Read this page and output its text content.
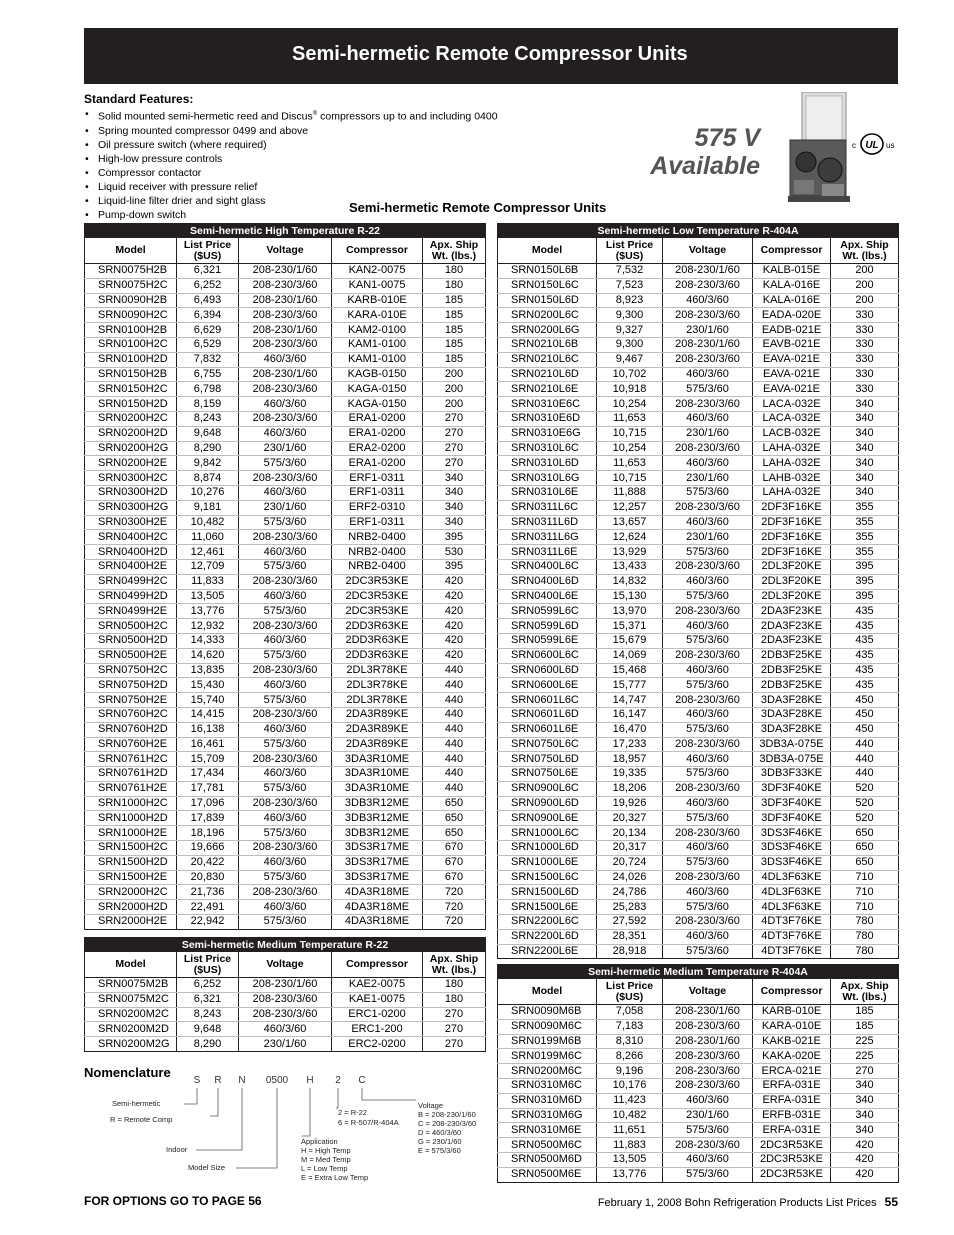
Semi-hermetic Remote Compressor Units
Standard Features:
• Solid mounted semi-hermetic reed and Discus® compressors up to and including 0400
• Spring mounted compressor 0499 and above
• Oil pressure switch (where required)
• High-low pressure controls
• Compressor contactor
• Liquid receiver with pressure relief
• Liquid-line filter drier and sight glass
• Pump-down switch
575 V
Available
c UL us
Semi-hermetic Remote Compressor Units
Semi-hermetic High Temperature R-22
Model	List Price ($US)	Voltage	Compressor	Apx. Ship Wt. (lbs.)
SRN0075H2B	6,321	208-230/1/60	KAN2-0075	180
SRN0075H2C	6,252	208-230/3/60	KAN1-0075	180
SRN0090H2B	6,493	208-230/1/60	KARB-010E	185
SRN0090H2C	6,394	208-230/3/60	KARA-010E	185
SRN0100H2B	6,629	208-230/1/60	KAM2-0100	185
SRN0100H2C	6,529	208-230/3/60	KAM1-0100	185
SRN0100H2D	7,832	460/3/60	KAM1-0100	185
SRN0150H2B	6,755	208-230/1/60	KAGB-0150	200
SRN0150H2C	6,798	208-230/3/60	KAGA-0150	200
SRN0150H2D	8,159	460/3/60	KAGA-0150	200
SRN0200H2C	8,243	208-230/3/60	ERA1-0200	270
SRN0200H2D	9,648	460/3/60	ERA1-0200	270
SRN0200H2G	8,290	230/1/60	ERA2-0200	270
SRN0200H2E	9,842	575/3/60	ERA1-0200	270
SRN0300H2C	8,874	208-230/3/60	ERF1-0311	340
SRN0300H2D	10,276	460/3/60	ERF1-0311	340
SRN0300H2G	9,181	230/1/60	ERF2-0310	340
SRN0300H2E	10,482	575/3/60	ERF1-0311	340
SRN0400H2C	11,060	208-230/3/60	NRB2-0400	395
SRN0400H2D	12,461	460/3/60	NRB2-0400	530
SRN0400H2E	12,709	575/3/60	NRB2-0400	395
SRN0499H2C	11,833	208-230/3/60	2DC3R53KE	420
SRN0499H2D	13,505	460/3/60	2DC3R53KE	420
SRN0499H2E	13,776	575/3/60	2DC3R53KE	420
SRN0500H2C	12,932	208-230/3/60	2DD3R63KE	420
SRN0500H2D	14,333	460/3/60	2DD3R63KE	420
SRN0500H2E	14,620	575/3/60	2DD3R63KE	420
SRN0750H2C	13,835	208-230/3/60	2DL3R78KE	440
SRN0750H2D	15,430	460/3/60	2DL3R78KE	440
SRN0750H2E	15,740	575/3/60	2DL3R78KE	440
SRN0760H2C	14,415	208-230/3/60	2DA3R89KE	440
SRN0760H2D	16,138	460/3/60	2DA3R89KE	440
SRN0760H2E	16,461	575/3/60	2DA3R89KE	440
SRN0761H2C	15,709	208-230/3/60	3DA3R10ME	440
SRN0761H2D	17,434	460/3/60	3DA3R10ME	440
SRN0761H2E	17,781	575/3/60	3DA3R10ME	440
SRN1000H2C	17,096	208-230/3/60	3DB3R12ME	650
SRN1000H2D	17,839	460/3/60	3DB3R12ME	650
SRN1000H2E	18,196	575/3/60	3DB3R12ME	650
SRN1500H2C	19,666	208-230/3/60	3DS3R17ME	670
SRN1500H2D	20,422	460/3/60	3DS3R17ME	670
SRN1500H2E	20,830	575/3/60	3DS3R17ME	670
SRN2000H2C	21,736	208-230/3/60	4DA3R18ME	720
SRN2000H2D	22,491	460/3/60	4DA3R18ME	720
SRN2000H2E	22,942	575/3/60	4DA3R18ME	720
Semi-hermetic Medium Temperature R-22
Model	List Price ($US)	Voltage	Compressor	Apx. Ship Wt. (lbs.)
SRN0075M2B	6,252	208-230/1/60	KAE2-0075	180
SRN0075M2C	6,321	208-230/3/60	KAE1-0075	180
SRN0200M2C	8,243	208-230/3/60	ERC1-0200	270
SRN0200M2D	9,648	460/3/60	ERC1-200	270
SRN0200M2G	8,290	230/1/60	ERC2-0200	270
Semi-hermetic Low Temperature R-404A
Model	List Price ($US)	Voltage	Compressor	Apx. Ship Wt. (lbs.)
SRN0150L6B	7,532	208-230/1/60	KALB-015E	200
SRN0150L6C	7,523	208-230/3/60	KALA-016E	200
SRN0150L6D	8,923	460/3/60	KALA-016E	200
SRN0200L6C	9,300	208-230/3/60	EADA-020E	330
SRN0200L6G	9,327	230/1/60	EADB-021E	330
SRN0210L6B	9,300	208-230/1/60	EAVB-021E	330
SRN0210L6C	9,467	208-230/3/60	EAVA-021E	330
SRN0210L6D	10,702	460/3/60	EAVA-021E	330
SRN0210L6E	10,918	575/3/60	EAVA-021E	330
SRN0310E6C	10,254	208-230/3/60	LACA-032E	340
SRN0310E6D	11,653	460/3/60	LACA-032E	340
SRN0310E6G	10,715	230/1/60	LACB-032E	340
SRN0310L6C	10,254	208-230/3/60	LAHA-032E	340
SRN0310L6D	11,653	460/3/60	LAHA-032E	340
SRN0310L6G	10,715	230/1/60	LAHB-032E	340
SRN0310L6E	11,888	575/3/60	LAHA-032E	340
SRN0311L6C	12,257	208-230/3/60	2DF3F16KE	355
SRN0311L6D	13,657	460/3/60	2DF3F16KE	355
SRN0311L6G	12,624	230/1/60	2DF3F16KE	355
SRN0311L6E	13,929	575/3/60	2DF3F16KE	355
SRN0400L6C	13,433	208-230/3/60	2DL3F20KE	395
SRN0400L6D	14,832	460/3/60	2DL3F20KE	395
SRN0400L6E	15,130	575/3/60	2DL3F20KE	395
SRN0599L6C	13,970	208-230/3/60	2DA3F23KE	435
SRN0599L6D	15,371	460/3/60	2DA3F23KE	435
SRN0599L6E	15,679	575/3/60	2DA3F23KE	435
SRN0600L6C	14,069	208-230/3/60	2DB3F25KE	435
SRN0600L6D	15,468	460/3/60	2DB3F25KE	435
SRN0600L6E	15,777	575/3/60	2DB3F25KE	435
SRN0601L6C	14,747	208-230/3/60	3DA3F28KE	450
SRN0601L6D	16,147	460/3/60	3DA3F28KE	450
SRN0601L6E	16,470	575/3/60	3DA3F28KE	450
SRN0750L6C	17,233	208-230/3/60	3DB3A-075E	440
SRN0750L6D	18,957	460/3/60	3DB3A-075E	440
SRN0750L6E	19,335	575/3/60	3DB3F33KE	440
SRN0900L6C	18,206	208-230/3/60	3DF3F40KE	520
SRN0900L6D	19,926	460/3/60	3DF3F40KE	520
SRN0900L6E	20,327	575/3/60	3DF3F40KE	520
SRN1000L6C	20,134	208-230/3/60	3DS3F46KE	650
SRN1000L6D	20,317	460/3/60	3DS3F46KE	650
SRN1000L6E	20,724	575/3/60	3DS3F46KE	650
SRN1500L6C	24,026	208-230/3/60	4DL3F63KE	710
SRN1500L6D	24,786	460/3/60	4DL3F63KE	710
SRN1500L6E	25,283	575/3/60	4DL3F63KE	710
SRN2200L6C	27,592	208-230/3/60	4DT3F76KE	780
SRN2200L6D	28,351	460/3/60	4DT3F76KE	780
SRN2200L6E	28,918	575/3/60	4DT3F76KE	780
Semi-hermetic Medium Temperature R-404A
Model	List Price ($US)	Voltage	Compressor	Apx. Ship Wt. (lbs.)
SRN0090M6B	7,058	208-230/1/60	KARB-010E	185
SRN0090M6C	7,183	208-230/3/60	KARA-010E	185
SRN0199M6B	8,310	208-230/1/60	KAKB-021E	225
SRN0199M6C	8,266	208-230/3/60	KAKA-020E	225
SRN0200M6C	9,196	208-230/3/60	ERCA-021E	270
SRN0310M6C	10,176	208-230/3/60	ERFA-031E	340
SRN0310M6D	11,423	460/3/60	ERFA-031E	340
SRN0310M6G	10,482	230/1/60	ERFB-031E	340
SRN0310M6E	11,651	575/3/60	ERFA-031E	340
SRN0500M6C	11,883	208-230/3/60	2DC3R53KE	420
SRN0500M6D	13,505	460/3/60	2DC3R53KE	420
SRN0500M6E	13,776	575/3/60	2DC3R53KE	420
Nomenclature
S R N 0500 H 2 C
Semi-hermetic
R = Remote Comp
Indoor
Model Size
2 = R-22
6 = R-507/R-404A
Application
H = High Temp
M = Med Temp
L = Low Temp
E = Extra Low Temp
Voltage
B = 208-230/1/60
C = 208-230/3/60
D = 460/3/60
G = 230/1/60
E = 575/3/60
FOR OPTIONS GO TO PAGE 56	February 1, 2008 Bohn Refrigeration Products List Prices 55
